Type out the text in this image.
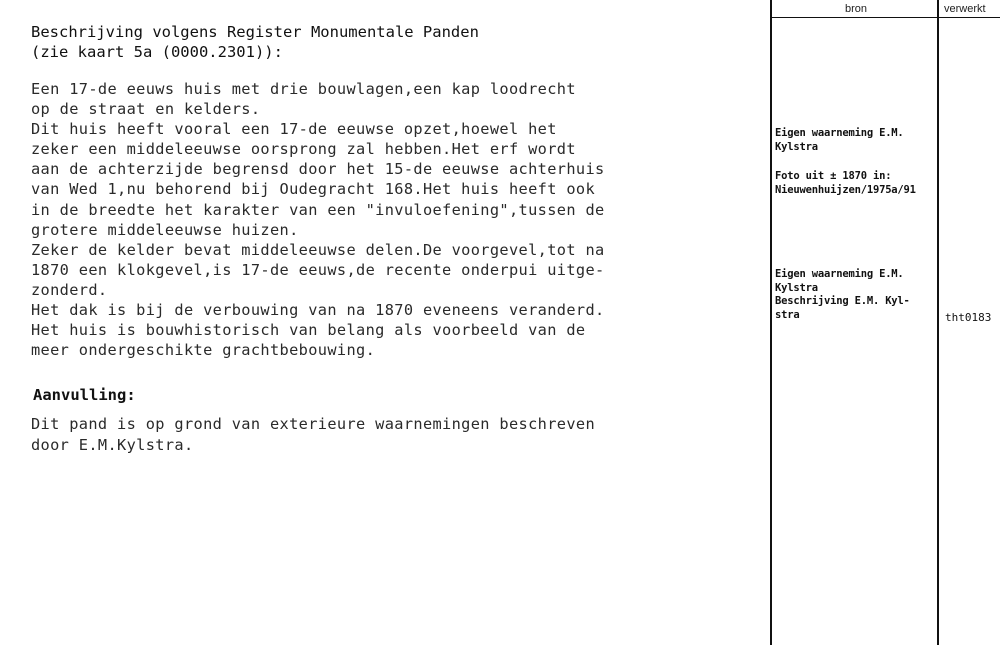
bron	verwerkt
Beschrijving volgens Register Monumentale Panden
(zie kaart 5a (0000.2301)):
Een 17-de eeuws huis met drie bouwlagen,een kap loodrecht
op de straat en kelders.
Dit huis heeft vooral een 17-de eeuwse opzet,hoewel het
zeker een middeleeuwse oorsprong zal hebben.Het erf wordt
aan de achterzijde begrensd door het 15-de eeuwse achterhuis
van Wed 1,nu behorend bij Oudegracht 168.Het huis heeft ook
in de breedte het karakter van een "invuloefening",tussen de
grotere middeleeuwse huizen.
Zeker de kelder bevat middeleeuwse delen.De voorgevel,tot na
1870 een klokgevel,is 17-de eeuws,de recente onderpui uitge-
zonderd.
Het dak is bij de verbouwing van na 1870 eveneens veranderd.
Het huis is bouwhistorisch van belang als voorbeeld van de
meer ondergeschikte grachtbebouwing.
Aanvulling:
Dit pand is op grond van exterieure waarnemingen beschreven
door E.M.Kylstra.
Eigen waarneming E.M.
Kylstra
Foto uit ± 1870 in:
Nieuwenhuijzen/1975a/91
Eigen waarneming E.M.
Kylstra
Beschrijving E.M. Kyl-
stra	tht0183
